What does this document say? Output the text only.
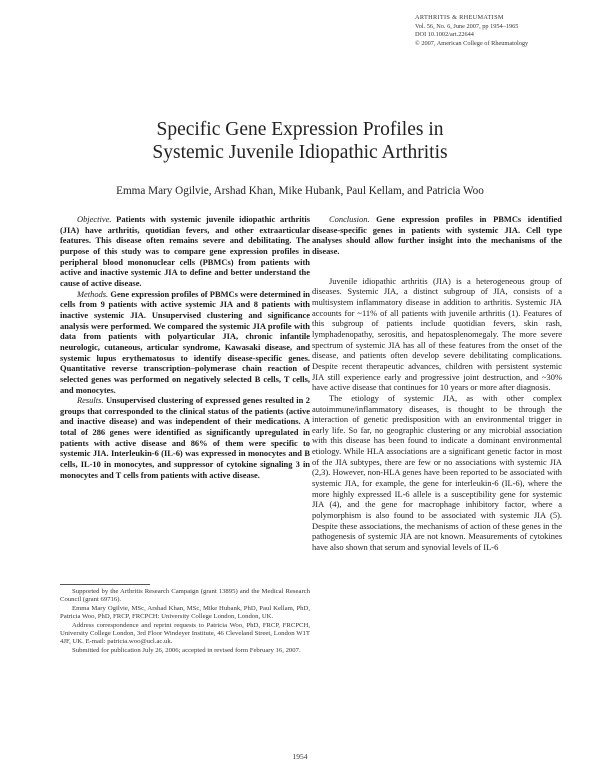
ARTHRITIS & RHEUMATISM
Vol. 56, No. 6, June 2007, pp 1954–1965
DOI 10.1002/art.22644
© 2007, American College of Rheumatology
Specific Gene Expression Profiles in
Systemic Juvenile Idiopathic Arthritis
Emma Mary Ogilvie, Arshad Khan, Mike Hubank, Paul Kellam, and Patricia Woo

Objective. Patients with systemic juvenile idiopathic arthritis (JIA) have arthritis, quotidian fevers, and other extraarticular features. This disease often remains severe and debilitating. The purpose of this study was to compare gene expression profiles in peripheral blood mononuclear cells (PBMCs) from patients with active and inactive systemic JIA to define and better understand the cause of active disease.

Methods. Gene expression profiles of PBMCs were determined in cells from 9 patients with active systemic JIA and 8 patients with inactive systemic JIA. Unsupervised clustering and significance analysis were performed. We compared the systemic JIA profile with data from patients with polyarticular JIA, chronic infantile neurologic, cutaneous, articular syndrome, Kawasaki disease, and systemic lupus erythematosus to identify disease-specific genes. Quantitative reverse transcription–polymerase chain reaction of selected genes was performed on negatively selected B cells, T cells, and monocytes.

Results. Unsupervised clustering of expressed genes resulted in 2 groups that corresponded to the clinical status of the patients (active and inactive disease) and was independent of their medications. A total of 286 genes were identified as significantly upregulated in patients with active disease and 86% of them were specific to systemic JIA. Interleukin-6 (IL-6) was expressed in monocytes and B cells, IL-10 in monocytes, and suppressor of cytokine signaling 3 in monocytes and T cells from patients with active disease.

Conclusion. Gene expression profiles in PBMCs identified disease-specific genes in patients with systemic JIA. Cell type analyses should allow further insight into the mechanisms of the disease.

Juvenile idiopathic arthritis (JIA) is a heterogeneous group of diseases. Systemic JIA, a distinct subgroup of JIA, consists of a multisystem inflammatory disease in addition to arthritis. Systemic JIA accounts for ~11% of all patients with juvenile arthritis (1). Features of this subgroup of patients include quotidian fevers, skin rash, lymphadenopathy, serositis, and hepatosplenomegaly. The more severe spectrum of systemic JIA has all of these features from the onset of the disease, and patients often develop severe debilitating complications. Despite recent therapeutic advances, children with persistent systemic JIA still experience early and progressive joint destruction, and ~30% have active disease that continues for 10 years or more after diagnosis.

The etiology of systemic JIA, as with other complex autoimmune/inflammatory diseases, is thought to be through the interaction of genetic predisposition with an environmental trigger in early life. So far, no geographic clustering or any microbial association with this disease has been found to indicate a dominant environmental etiology. While HLA associations are a significant genetic factor in most of the JIA subtypes, there are few or no associations with systemic JIA (2,3). However, non-HLA genes have been reported to be associated with systemic JIA, for example, the gene for interleukin-6 (IL-6), where the more highly expressed IL-6 allele is a susceptibility gene for systemic JIA (4), and the gene for macrophage inhibitory factor, where a polymorphism is also found to be associated with systemic JIA (5). Despite these associations, the mechanisms of action of these genes in the pathogenesis of systemic JIA are not known. Measurements of cytokines have also shown that serum and synovial levels of IL-6

Supported by the Arthritis Research Campaign (grant 13895) and the Medical Research Council (grant 69716).

Emma Mary Ogilvie, MSc, Arshad Khan, MSc, Mike Hubank, PhD, Paul Kellam, PhD, Patricia Woo, PhD, FRCP, FRCPCH: University College London, London, UK.

Address correspondence and reprint requests to Patricia Woo, PhD, FRCP, FRCPCH, University College London, 3rd Floor Windeyer Institute, 46 Cleveland Street, London W1T 4JF, UK. E-mail: patricia.woo@ucl.ac.uk.

Submitted for publication July 26, 2006; accepted in revised form February 16, 2007.

1954
